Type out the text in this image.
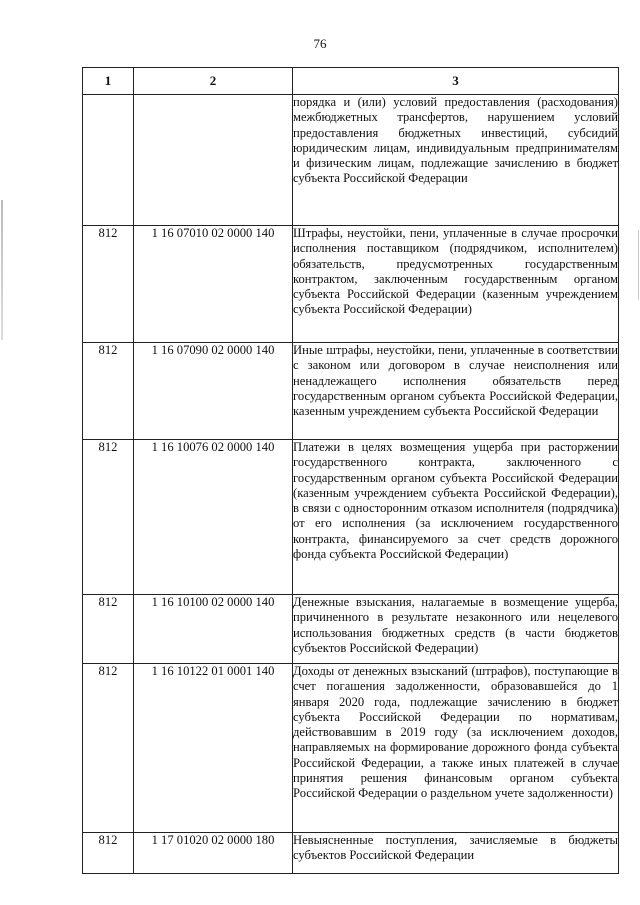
76
1	2	3
		порядка и (или) условий предоставления (расходования) межбюджетных трансфертов, нарушением условий предоставления бюджетных инвестиций, субсидий юридическим лицам, индивидуальным предпринимателям и физическим лицам, подлежащие зачислению в бюджет субъекта Российской Федерации
812	1 16 07010 02 0000 140	Штрафы, неустойки, пени, уплаченные в случае просрочки исполнения поставщиком (подрядчиком, исполнителем) обязательств, предусмотренных государственным контрактом, заключенным государственным органом субъекта Российской Федерации (казенным учреждением субъекта Российской Федерации)
812	1 16 07090 02 0000 140	Иные штрафы, неустойки, пени, уплаченные в соответствии с законом или договором в случае неисполнения или ненадлежащего исполнения обязательств перед государственным органом субъекта Российской Федерации, казенным учреждением субъекта Российской Федерации
812	1 16 10076 02 0000 140	Платежи в целях возмещения ущерба при расторжении государственного контракта, заключенного с государственным органом субъекта Российской Федерации (казенным учреждением субъекта Российской Федерации), в связи с односторонним отказом исполнителя (подрядчика) от его исполнения (за исключением государственного контракта, финансируемого за счет средств дорожного фонда субъекта Российской Федерации)
812	1 16 10100 02 0000 140	Денежные взыскания, налагаемые в возмещение ущерба, причиненного в результате незаконного или нецелевого использования бюджетных средств (в части бюджетов субъектов Российской Федерации)
812	1 16 10122 01 0001 140	Доходы от денежных взысканий (штрафов), поступающие в счет погашения задолженности, образовавшейся до 1 января 2020 года, подлежащие зачислению в бюджет субъекта Российской Федерации по нормативам, действовавшим в 2019 году (за исключением доходов, направляемых на формирование дорожного фонда субъекта Российской Федерации, а также иных платежей в случае принятия решения финансовым органом субъекта Российской Федерации о раздельном учете задолженности)
812	1 17 01020 02 0000 180	Невыясненные поступления, зачисляемые в бюджеты субъектов Российской Федерации
